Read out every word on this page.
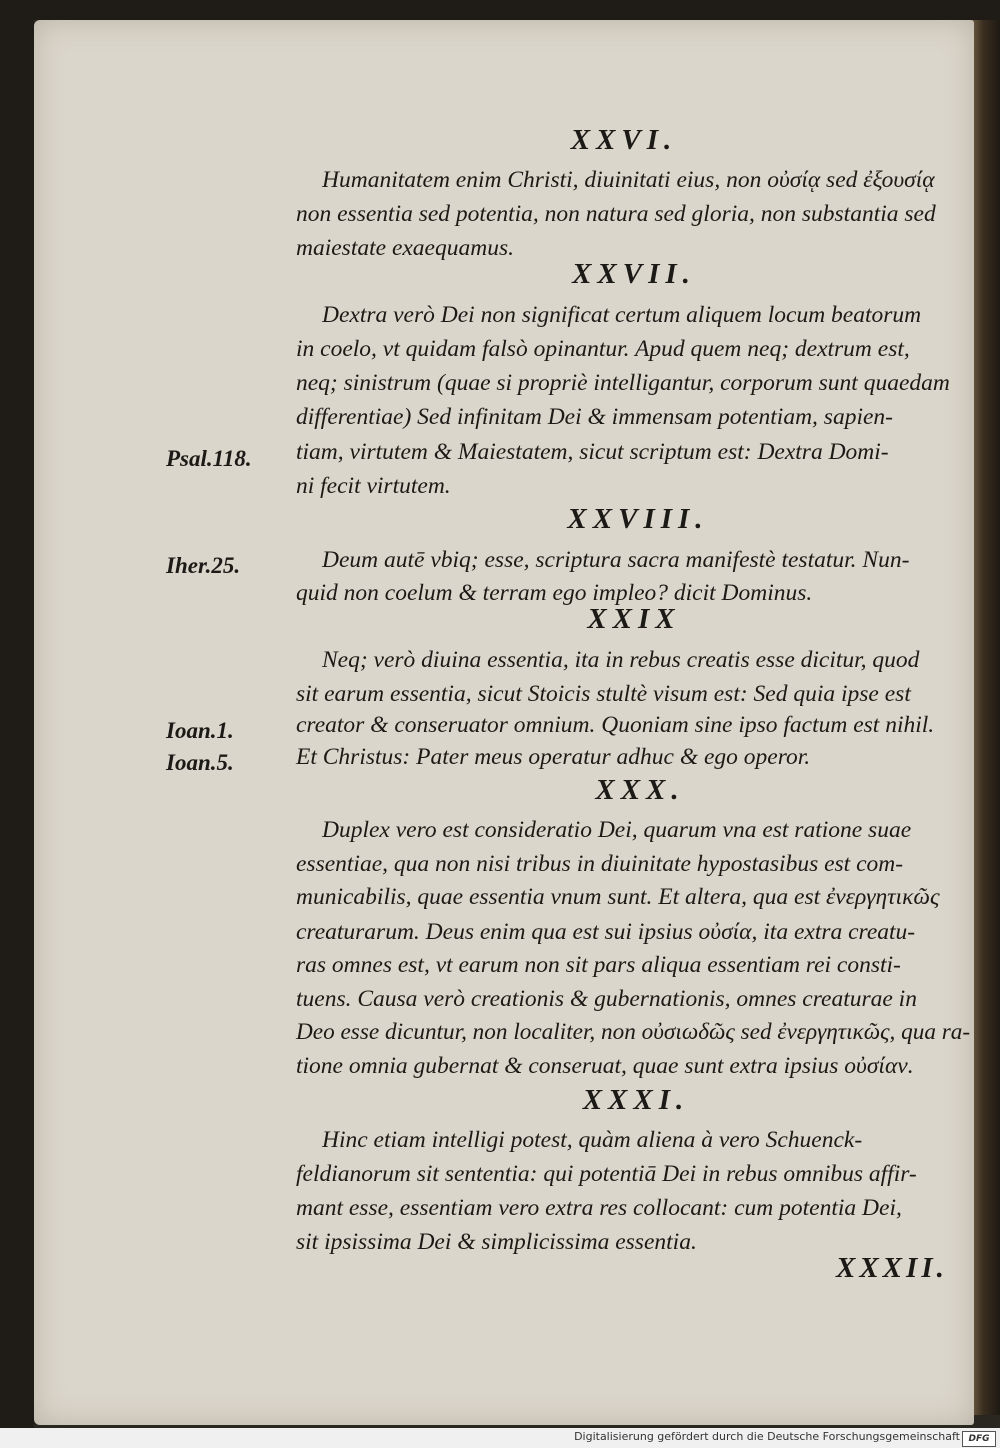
XXVI.
Humanitatem enim Christi, diuinitati eius, non οὐσίᾳ sed ἐξουσίᾳ
non essentia sed potentia, non natura sed gloria, non substantia sed
maiestate exaequamus.
XXVII.
Dextra verò Dei non significat certum aliquem locum beatorum
in coelo, vt quidam falsò opinantur. Apud quem neq; dextrum est,
neq; sinistrum (quae si propriè intelligantur, corporum sunt quaedam
differentiae) Sed infinitam Dei & immensam potentiam, sapien-
tiam, virtutem & Maiestatem, sicut scriptum est: Dextra Domi-
ni fecit virtutem.
XXVIII.
Deum autē vbiq; esse, scriptura sacra manifestè testatur. Nun-
quid non coelum & terram ego impleo? dicit Dominus.
XXIX
Neq; verò diuina essentia, ita in rebus creatis esse dicitur, quod
sit earum essentia, sicut Stoicis stultè visum est: Sed quia ipse est
creator & conseruator omnium. Quoniam sine ipso factum est nihil.
Et Christus: Pater meus operatur adhuc & ego operor.
XXX.
Duplex vero est consideratio Dei, quarum vna est ratione suae
essentiae, qua non nisi tribus in diuinitate hypostasibus est com-
municabilis, quae essentia vnum sunt. Et altera, qua est ἐνεργητικῶς
creaturarum. Deus enim qua est sui ipsius οὐσία, ita extra creatu-
ras omnes est, vt earum non sit pars aliqua essentiam rei consti-
tuens. Causa verò creationis & gubernationis, omnes creaturae in
Deo esse dicuntur, non localiter, non οὐσιωδῶς sed ἐνεργητικῶς, qua ra-
tione omnia gubernat & conseruat, quae sunt extra ipsius οὐσίαν.
XXXI.
Hinc etiam intelligi potest, quàm aliena à vero Schuenck-
feldianorum sit sententia: qui potentiā Dei in rebus omnibus affir-
mant esse, essentiam vero extra res collocant: cum potentia Dei,
sit ipsissima Dei & simplicissima essentia.
XXXII.
Psal.118.
Iher.25.
Ioan.1.
Ioan.5.
Digitalisierung gefördert durch die Deutsche Forschungsgemeinschaft DFG
